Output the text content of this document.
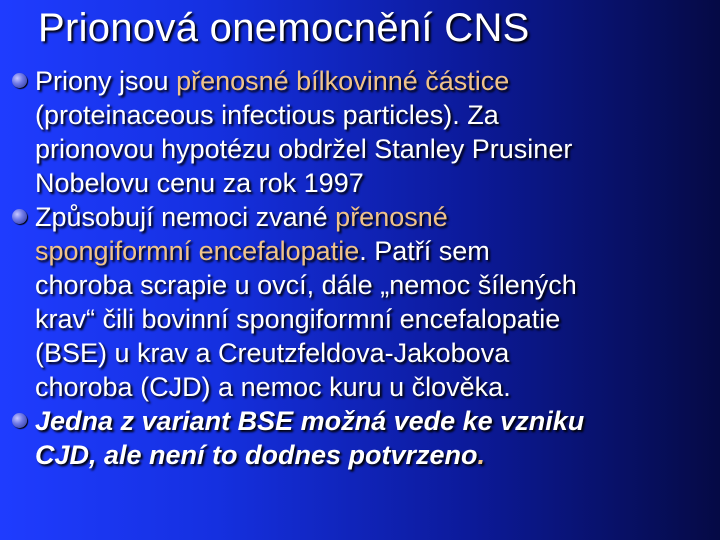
Prionová onemocnění CNS
Priony jsou přenosné bílkovinné částice
(proteinaceous infectious particles). Za
prionovou hypotézu obdržel Stanley Prusiner
Nobelovu cenu za rok 1997
Způsobují nemoci zvané přenosné
spongiformní encefalopatie. Patří sem
choroba scrapie u ovcí, dále „nemoc šílených
krav“ čili bovinní spongiformní encefalopatie
(BSE) u krav a Creutzfeldova-Jakobova
choroba (CJD) a nemoc kuru u člověka.
Jedna z variant BSE možná vede ke vzniku
CJD, ale není to dodnes potvrzeno.
